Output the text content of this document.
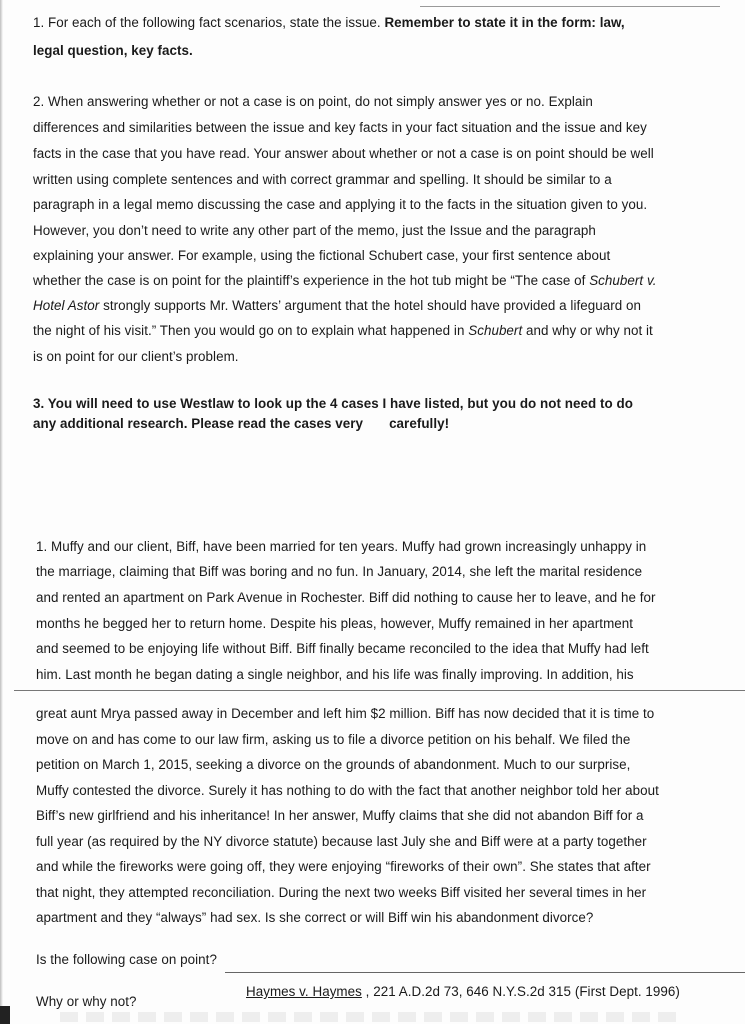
1. For each of the following fact scenarios, state the issue. Remember to state it in the form: law,
legal question, key facts.
2. When answering whether or not a case is on point, do not simply answer yes or no. Explain
differences and similarities between the issue and key facts in your fact situation and the issue and key
facts in the case that you have read. Your answer about whether or not a case is on point should be well
written using complete sentences and with correct grammar and spelling. It should be similar to a
paragraph in a legal memo discussing the case and applying it to the facts in the situation given to you.
However, you don’t need to write any other part of the memo, just the Issue and the paragraph
explaining your answer. For example, using the fictional Schubert case, your first sentence about
whether the case is on point for the plaintiff’s experience in the hot tub might be “The case of Schubert v.
Hotel Astor strongly supports Mr. Watters’ argument that the hotel should have provided a lifeguard on
the night of his visit.” Then you would go on to explain what happened in Schubert and why or why not it
is on point for our client’s problem.
3. You will need to use Westlaw to look up the 4 cases I have listed, but you do not need to do
any additional research. Please read the cases very carefully!
1. Muffy and our client, Biff, have been married for ten years. Muffy had grown increasingly unhappy in
the marriage, claiming that Biff was boring and no fun. In January, 2014, she left the marital residence
and rented an apartment on Park Avenue in Rochester. Biff did nothing to cause her to leave, and he for
months he begged her to return home. Despite his pleas, however, Muffy remained in her apartment
and seemed to be enjoying life without Biff. Biff finally became reconciled to the idea that Muffy had left
him. Last month he began dating a single neighbor, and his life was finally improving. In addition, his
great aunt Mrya passed away in December and left him $2 million. Biff has now decided that it is time to
move on and has come to our law firm, asking us to file a divorce petition on his behalf. We filed the
petition on March 1, 2015, seeking a divorce on the grounds of abandonment. Much to our surprise,
Muffy contested the divorce. Surely it has nothing to do with the fact that another neighbor told her about
Biff’s new girlfriend and his inheritance! In her answer, Muffy claims that she did not abandon Biff for a
full year (as required by the NY divorce statute) because last July she and Biff were at a party together
and while the fireworks were going off, they were enjoying “fireworks of their own”. She states that after
that night, they attempted reconciliation. During the next two weeks Biff visited her several times in her
apartment and they “always” had sex. Is she correct or will Biff win his abandonment divorce?
Is the following case on point?
Haymes v. Haymes , 221 A.D.2d 73, 646 N.Y.S.2d 315 (First Dept. 1996)
Why or why not?
